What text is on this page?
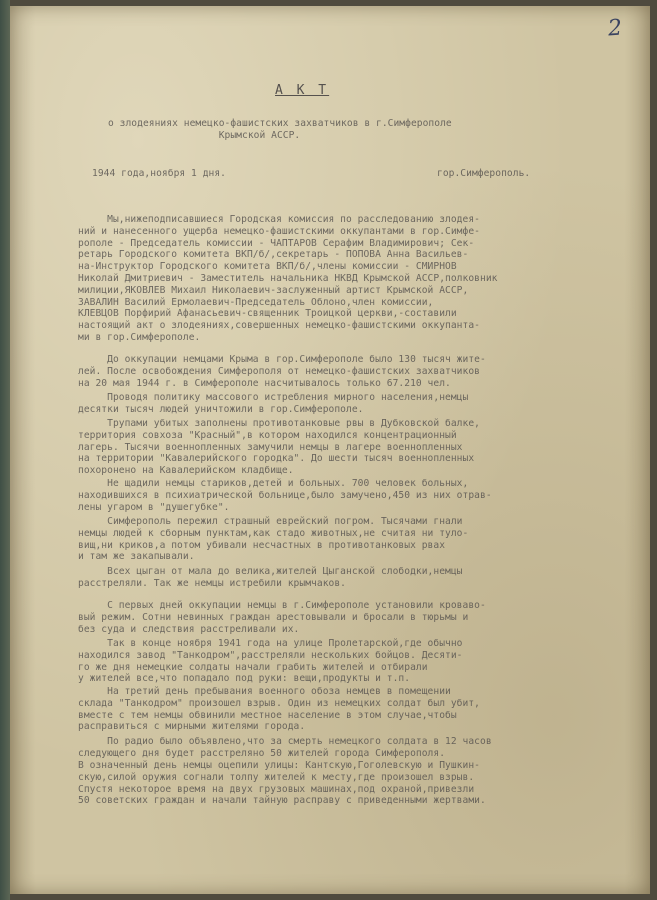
2

А К Т

о злодеяниях немецко-фашистских захватчиков в г.Симферополе
Крымской АССР.

1944 года,ноября 1 дня.	гор.Симферополь.

Мы,нижеподписавшиеся Городская комиссия по расследованию злодея-
ний и нанесенного ущерба немецко-фашистскими оккупантами в гор.Симфе-
рополе - Председатель комиссии - ЧАПТАРОВ Серафим Владимирович; Сек-
ретарь Городского комитета ВКП/б/,секретарь - ПОПОВА Анна Васильев-
на-Инструктор Городского комитета ВКП/б/,члены комиссии - СМИРНОВ
Николай Дмитриевич - Заместитель начальника НКВД Крымской АССР,полковник
милиции,ЯКОВЛЕВ Михаил Николаевич-заслуженный артист Крымской АССР,
ЗАВАЛИН Василий Ермолаевич-Председатель Облоно,член комиссии,
КЛЕВЦОВ Порфирий Афанасьевич-священник Троицкой церкви,-составили
настоящий акт о злодеяниях,совершенных немецко-фашистскими оккупанта-
ми в гор.Симферополе.

До оккупации немцами Крыма в гор.Симферополе было 130 тысяч жите-
лей. После освобождения Симферополя от немецко-фашистских захватчиков
на 20 мая 1944 г. в Симферополе насчитывалось только 67.210 чел.

Проводя политику массового истребления мирного населения,немцы
десятки тысяч людей уничтожили в гор.Симферополе.

Трупами убитых заполнены противотанковые рвы в Дубковской балке,
территория совхоза "Красный",в котором находился концентрационный
лагерь. Тысячи военнопленных замучили немцы в лагере военнопленных
на территории "Кавалерийского городка". До шести тысяч военнопленных
похоронено на Кавалерийском кладбище.

Не щадили немцы стариков,детей и больных. 700 человек больных,
находившихся в психиатрической больнице,было замучено,450 из них отрав-
лены угаром в "душегубке".

Симферополь пережил страшный еврейский погром. Тысячами гнали
немцы людей к сборным пунктам,как стадо животных,не считая ни туло-
вищ,ни криков,а потом убивали несчастных в противотанковых рвах
и там же закапывали.

Всех цыган от мала до велика,жителей Цыганской слободки,немцы
расстреляли. Так же немцы истребили крымчаков.

С первых дней оккупации немцы в г.Симферополе установили кроваво-
вый режим. Сотни невинных граждан арестовывали и бросали в тюрьмы и
без суда и следствия расстреливали их.

Так в конце ноября 1941 года на улице Пролетарской,где обычно
находился завод "Танкодром",расстреляли нескольких бойцов. Десяти-
го же дня немецкие солдаты начали грабить жителей и отбирали
у жителей все,что попадало под руки: вещи,продукты и т.п.

На третий день пребывания военного обоза немцев в помещении
склада "Танкодром" произошел взрыв. Один из немецких солдат был убит,
вместе с тем немцы обвинили местное население в этом случае,чтобы
расправиться с мирными жителями города.

По радио было объявлено,что за смерть немецкого солдата в 12 часов
следующего дня будет расстреляно 50 жителей города Симферополя.

В означенный день немцы оцепили улицы: Кантскую,Гоголевскую и Пушкин-
скую,силой оружия согнали толпу жителей к месту,где произошел взрыв.
Спустя некоторое время на двух грузовых машинах,под охраной,привезли
50 советских граждан и начали тайную расправу с приведенными жертвами.
